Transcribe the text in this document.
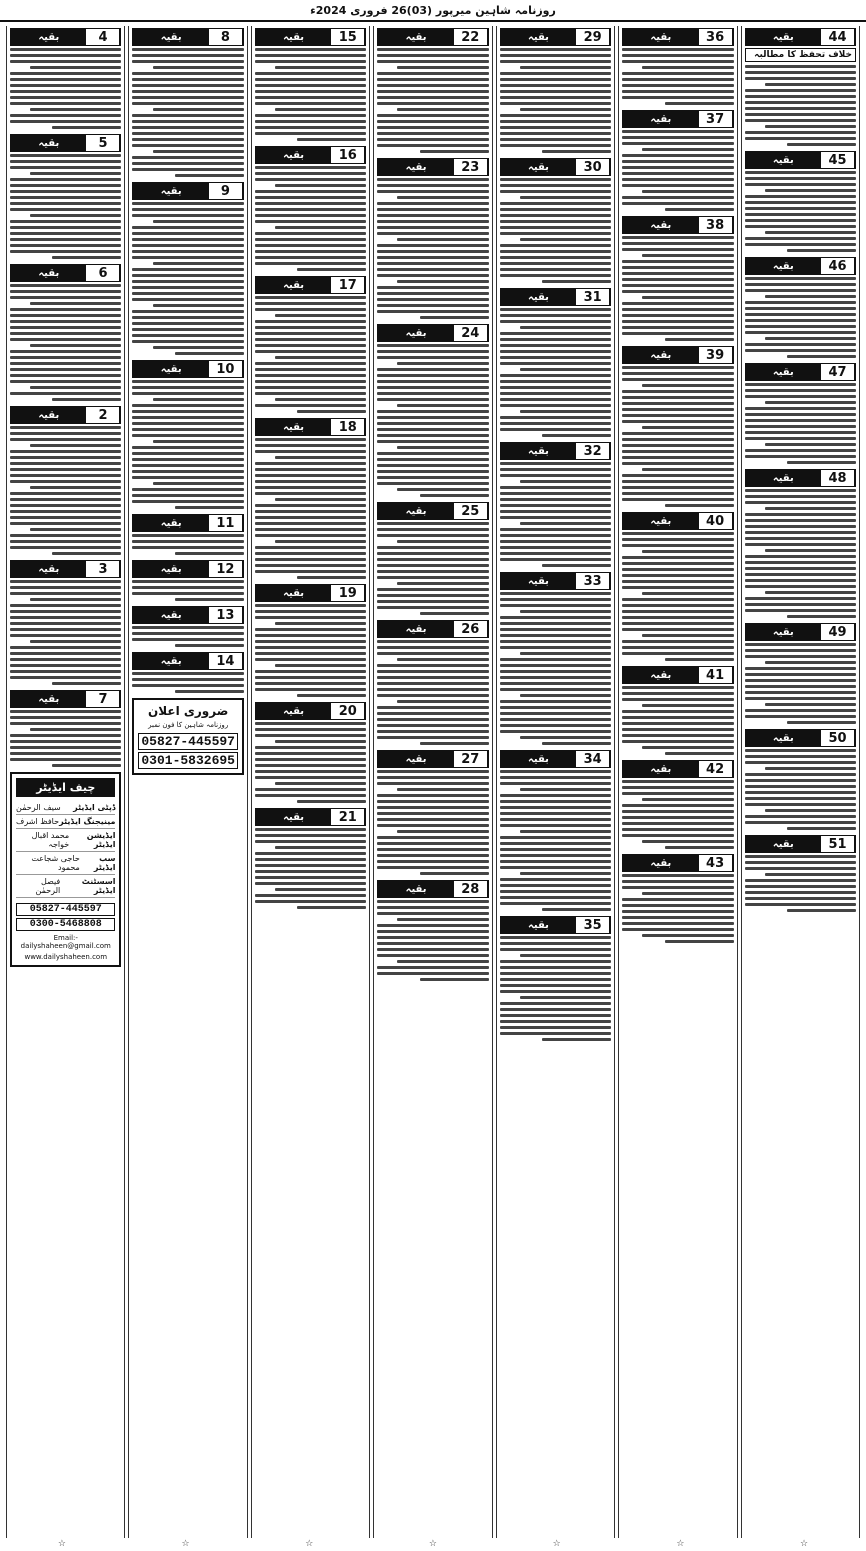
روزنامہ شاہین میرپور (03)26 فروری 2024ء
44
بقیہ
خلاف تحفظ کا مطالبہ
45
بقیہ
46
بقیہ
47
بقیہ
48
بقیہ
49
بقیہ
50
بقیہ
51
بقیہ
36
بقیہ
37
بقیہ
38
بقیہ
39
بقیہ
40
بقیہ
41
بقیہ
42
بقیہ
43
بقیہ
29
بقیہ
30
بقیہ
31
بقیہ
32
بقیہ
33
بقیہ
34
بقیہ
35
بقیہ
22
بقیہ
23
بقیہ
24
بقیہ
25
بقیہ
26
بقیہ
27
بقیہ
28
بقیہ
15
بقیہ
16
بقیہ
17
بقیہ
18
بقیہ
19
بقیہ
20
بقیہ
21
بقیہ
8
بقیہ
9
بقیہ
10
بقیہ
11
بقیہ
12
بقیہ
13
بقیہ
14
بقیہ
ضروری اعلان
روزنامہ شاہین کا فون نمبر
05827-445597
0301-5832695
4
بقیہ
5
بقیہ
6
بقیہ
2
بقیہ
3
بقیہ
7
بقیہ
چیف ایڈیٹر
ڈپٹی ایڈیٹر
سیف الرحمٰن
مینیجنگ ایڈیٹر
حافظ اشرف
ایڈیشن ایڈیٹر
محمد اقبال خواجہ
سب ایڈیٹر
حاجی شجاعت محمود
اسسٹنٹ ایڈیٹر
فیصل الرحمٰن
05827-445597
0300-5468808
Email:-dailyshaheen@gmail.com
www.dailyshaheen.com
☆	☆	☆	☆	☆	☆	☆
